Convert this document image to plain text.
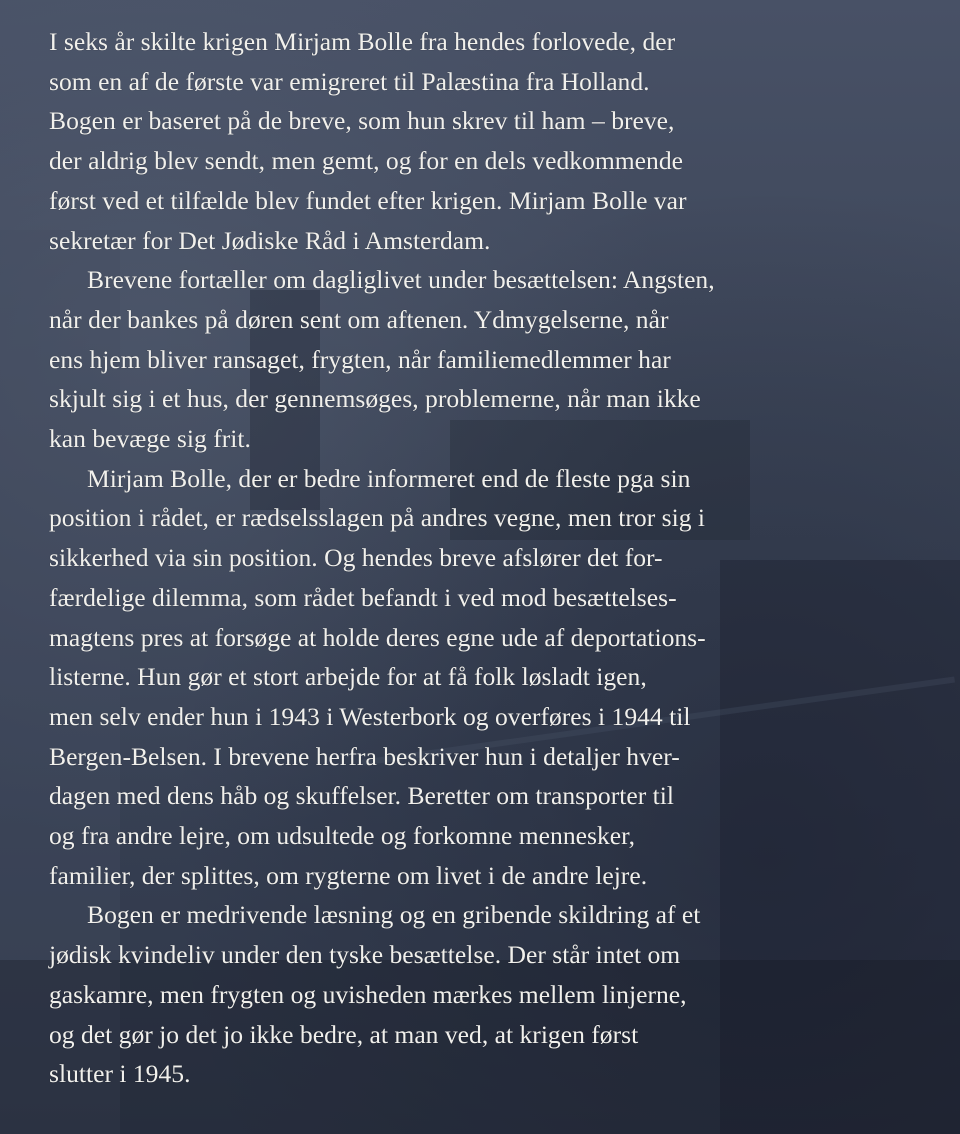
I seks år skilte krigen Mirjam Bolle fra hendes forlovede, der
som en af de første var emigreret til Palæstina fra Holland.
Bogen er baseret på de breve, som hun skrev til ham – breve,
der aldrig blev sendt, men gemt, og for en dels vedkommende
først ved et tilfælde blev fundet efter krigen. Mirjam Bolle var
sekretær for Det Jødiske Råd i Amsterdam.

Brevene fortæller om dagliglivet under besættelsen: Angsten,
når der bankes på døren sent om aftenen. Ydmygelserne, når
ens hjem bliver ransaget, frygten, når familiemedlemmer har
skjult sig i et hus, der gennemsøges, problemerne, når man ikke
kan bevæge sig frit.

Mirjam Bolle, der er bedre informeret end de fleste pga sin
position i rådet, er rædselsslagen på andres vegne, men tror sig i
sikkerhed via sin position. Og hendes breve afslører det for-
færdelige dilemma, som rådet befandt i ved mod besættelses-
magtens pres at forsøge at holde deres egne ude af deportations-
listerne. Hun gør et stort arbejde for at få folk løsladt igen,
men selv ender hun i 1943 i Westerbork og overføres i 1944 til
Bergen-Belsen. I brevene herfra beskriver hun i detaljer hver-
dagen med dens håb og skuffelser. Beretter om transporter til
og fra andre lejre, om udsultede og forkomne mennesker,
familier, der splittes, om rygterne om livet i de andre lejre.

Bogen er medrivende læsning og en gribende skildring af et
jødisk kvindeliv under den tyske besættelse. Der står intet om
gaskamre, men frygten og uvisheden mærkes mellem linjerne,
og det gør jo det jo ikke bedre, at man ved, at krigen først
slutter i 1945.
